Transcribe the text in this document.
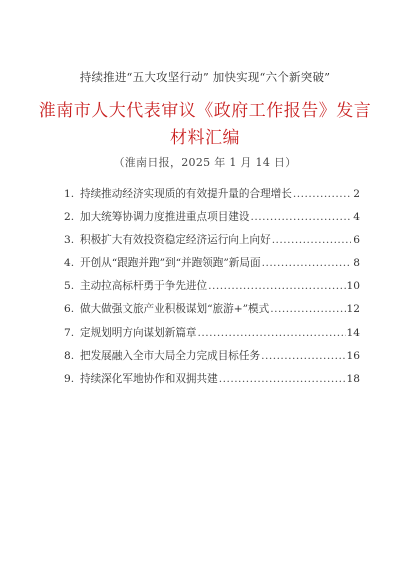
持续推进“五大攻坚行动” 加快实现“六个新突破”
淮南市人大代表审议《政府工作报告》发言材料汇编
（淮南日报，2025 年 1 月 14 日）
1. 持续推动经济实现质的有效提升量的合理增长 .....	2
2. 加大统筹协调力度推进重点项目建设 .....	4
3. 积极扩大有效投资稳定经济运行向上向好 .....	6
4. 开创从“跟跑并跑”到“并跑领跑”新局面 .....	8
5. 主动拉高标杆勇于争先进位 .....	10
6. 做大做强文旅产业积极谋划“旅游+”模式 .....	12
7. 定规划明方向谋划新篇章 .....	14
8. 把发展融入全市大局全力完成目标任务 .....	16
9. 持续深化军地协作和双拥共建 .....	18
